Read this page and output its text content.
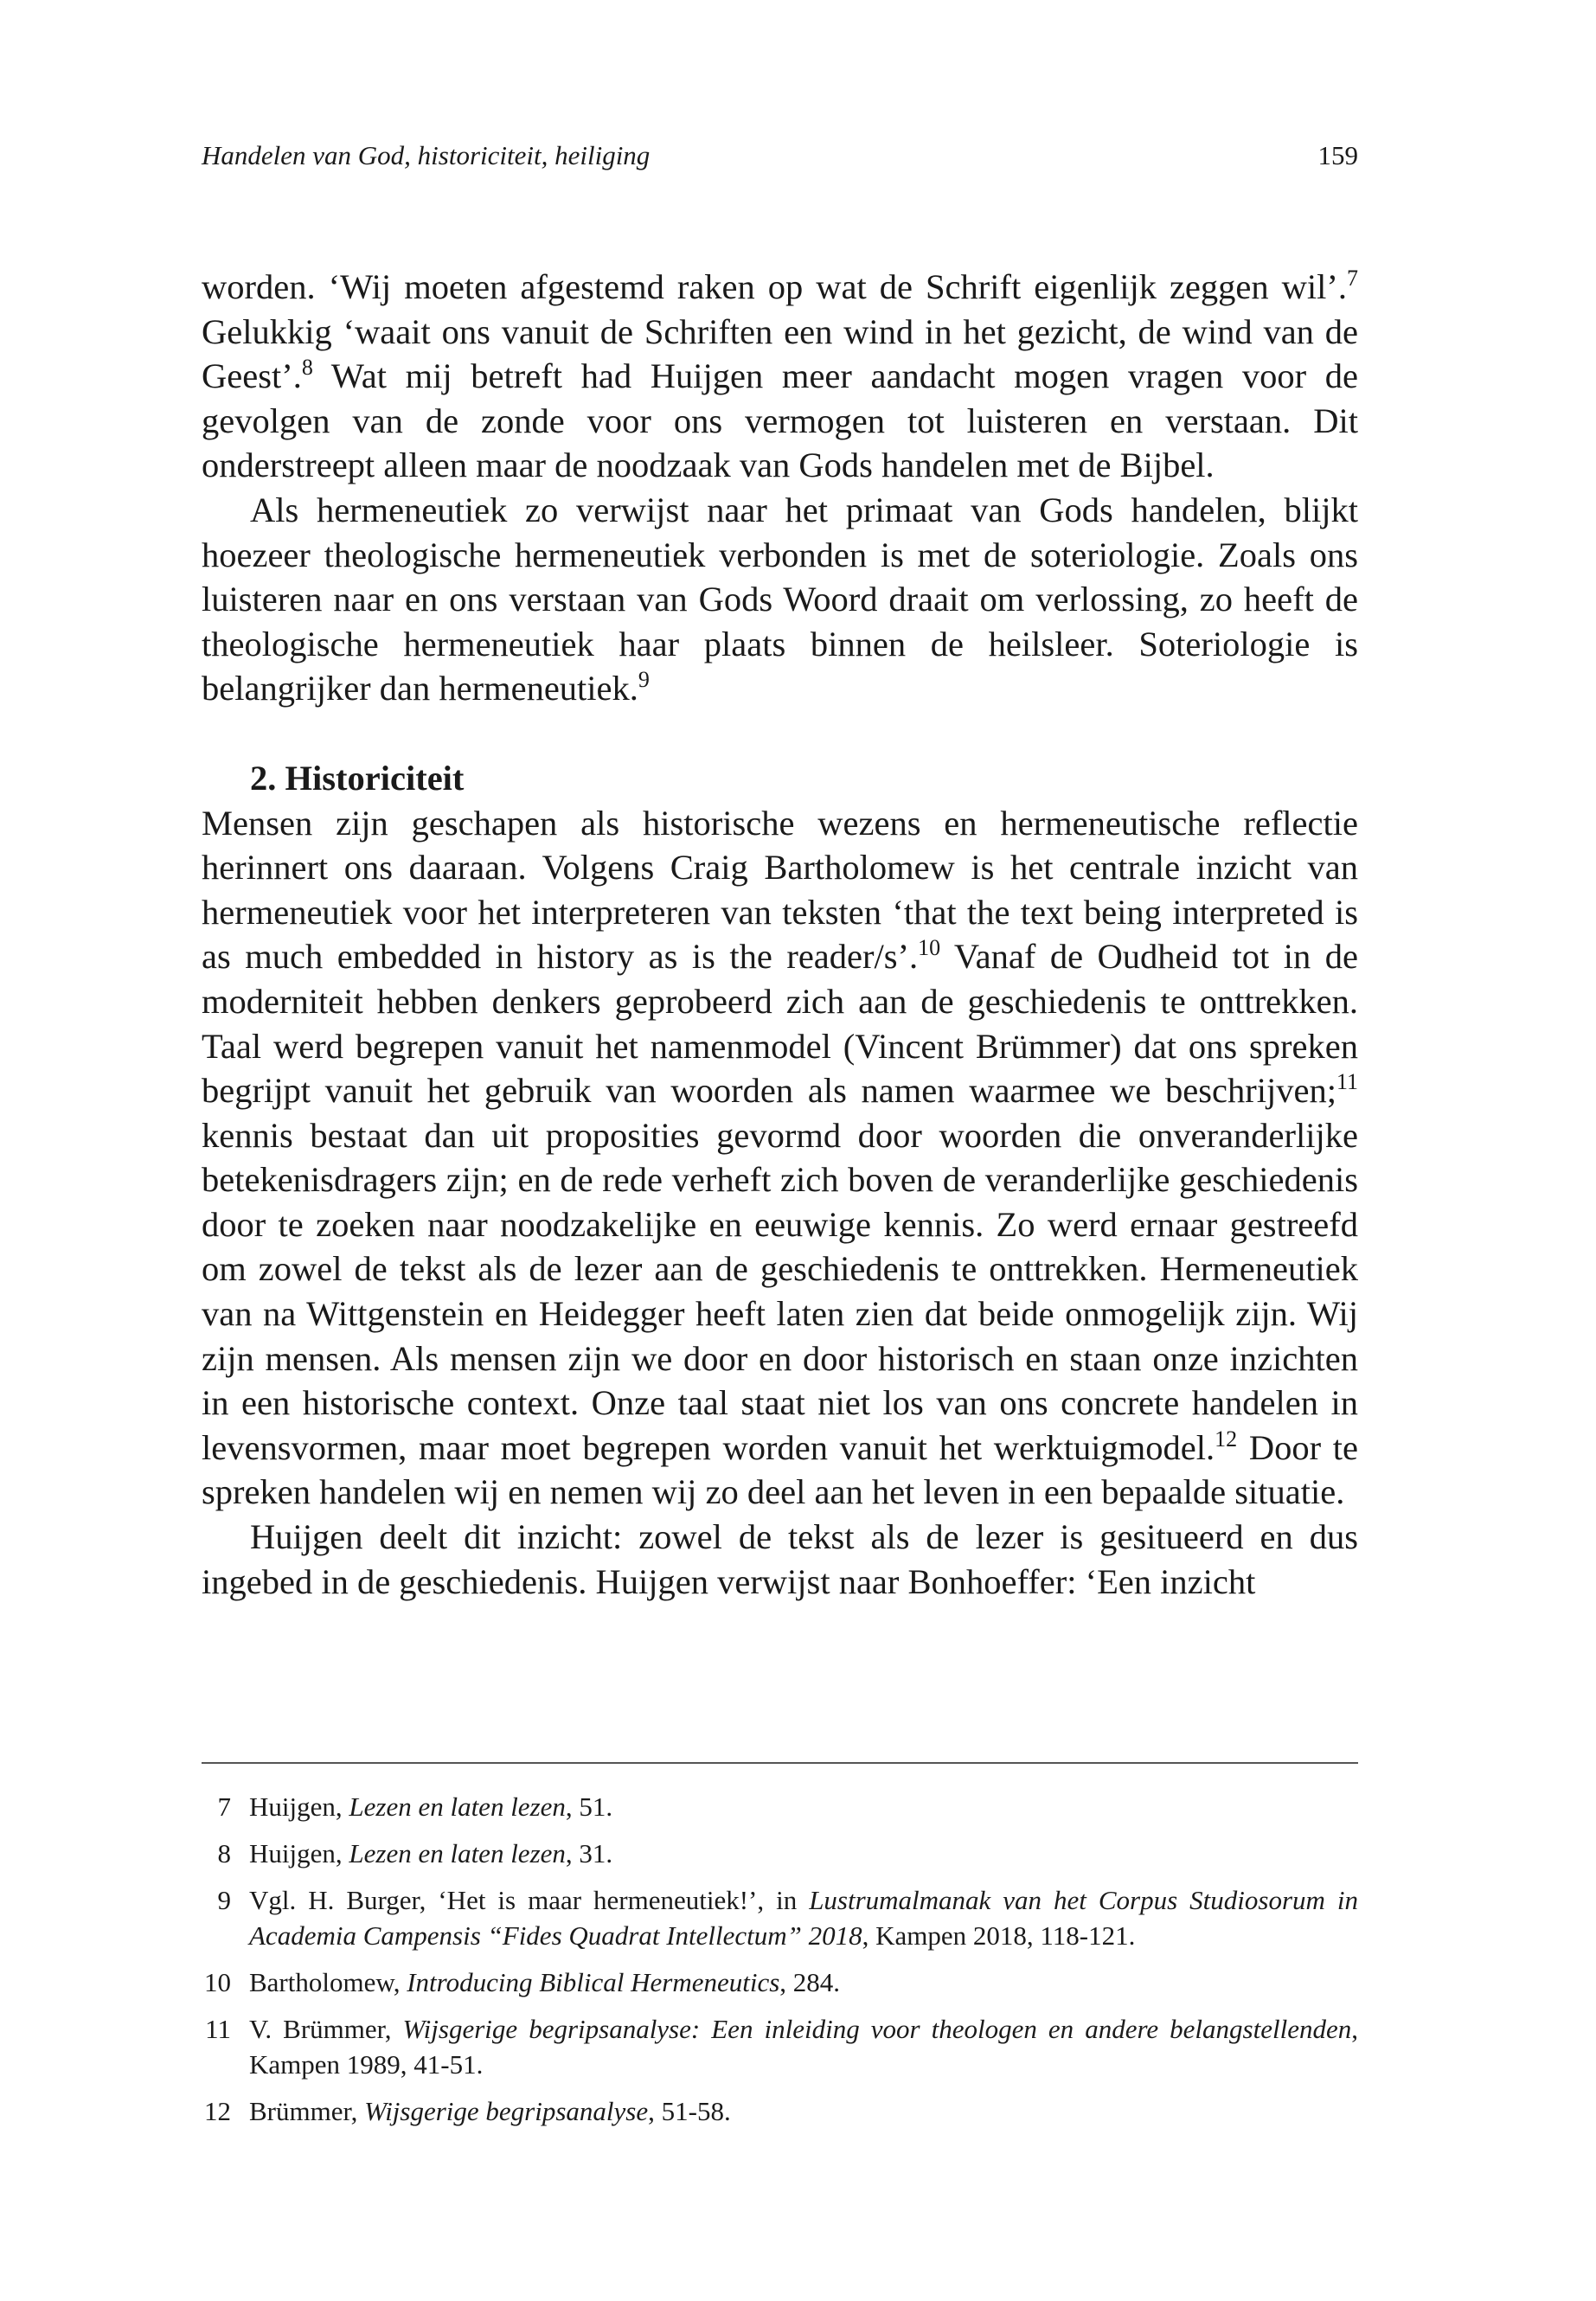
Handelen van God, historiciteit, heiliging	159

worden. ‘Wij moeten afgestemd raken op wat de Schrift eigenlijk zeggen wil’.$^7$ Gelukkig ‘waait ons vanuit de Schriften een wind in het gezicht, de wind van de Geest’.$^8$ Wat mij betreft had Huijgen meer aandacht mogen vragen voor de gevolgen van de zonde voor ons vermogen tot luisteren en verstaan. Dit onderstreept alleen maar de noodzaak van Gods handelen met de Bijbel.

Als hermeneutiek zo verwijst naar het primaat van Gods handelen, blijkt hoezeer theologische hermeneutiek verbonden is met de soteriologie. Zoals ons luisteren naar en ons verstaan van Gods Woord draait om verlossing, zo heeft de theologische hermeneutiek haar plaats binnen de heilsleer. Soteriologie is belangrijker dan hermeneutiek.$^9$

2. Historiciteit

Mensen zijn geschapen als historische wezens en hermeneutische reflectie herinnert ons daaraan. Volgens Craig Bartholomew is het centrale inzicht van hermeneutiek voor het interpreteren van teksten ‘that the text being interpreted is as much embedded in history as is the reader/s’.$^{10}$ Vanaf de Oudheid tot in de moderniteit hebben denkers geprobeerd zich aan de geschiedenis te onttrekken. Taal werd begrepen vanuit het namenmodel (Vincent Brümmer) dat ons spreken begrijpt vanuit het gebruik van woorden als namen waarmee we beschrijven;$^{11}$ kennis bestaat dan uit proposities gevormd door woorden die onveranderlijke betekenisdragers zijn; en de rede verheft zich boven de veranderlijke geschiedenis door te zoeken naar noodzakelijke en eeuwige kennis. Zo werd ernaar gestreefd om zowel de tekst als de lezer aan de geschiedenis te onttrekken. Hermeneutiek van na Wittgenstein en Heidegger heeft laten zien dat beide onmogelijk zijn. Wij zijn mensen. Als mensen zijn we door en door historisch en staan onze inzichten in een historische context. Onze taal staat niet los van ons concrete handelen in levensvormen, maar moet begrepen worden vanuit het werktuigmodel.$^{12}$ Door te spreken handelen wij en nemen wij zo deel aan het leven in een bepaalde situatie.

Huijgen deelt dit inzicht: zowel de tekst als de lezer is gesitueerd en dus ingebed in de geschiedenis. Huijgen verwijst naar Bonhoeffer: ‘Een inzicht

7 Huijgen, Lezen en laten lezen, 51.
8 Huijgen, Lezen en laten lezen, 31.
9 Vgl. H. Burger, ‘Het is maar hermeneutiek!’, in Lustrumalmanak van het Corpus Studiosorum in Academia Campensis “Fides Quadrat Intellectum” 2018, Kampen 2018, 118-121.
10 Bartholomew, Introducing Biblical Hermeneutics, 284.
11 V. Brümmer, Wijsgerige begripsanalyse: Een inleiding voor theologen en andere belangstellenden, Kampen 1989, 41-51.
12 Brümmer, Wijsgerige begripsanalyse, 51-58.
